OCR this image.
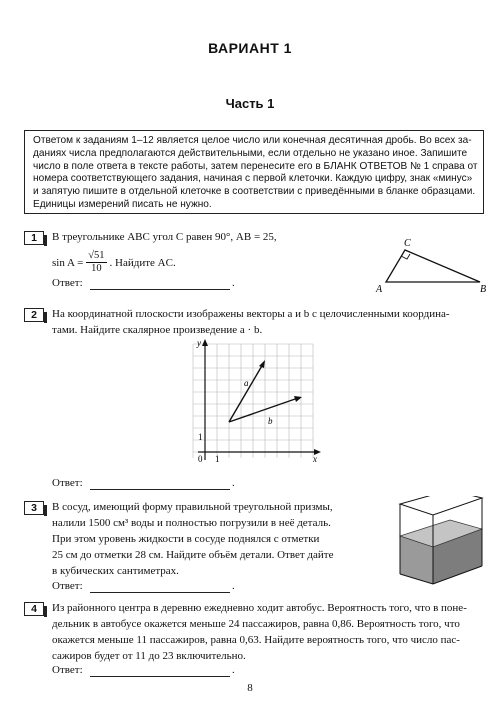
ВАРИАНТ 1
Часть 1
Ответом к заданиям 1–12 является целое число или конечная десятичная дробь. Во всех за-
даниях числа предполагаются действительными, если отдельно не указано иное. Запишите
число в поле ответа в тексте работы, затем перенесите его в БЛАНК ОТВЕТОВ № 1 справа от
номера соответствующего задания, начиная с первой клеточки. Каждую цифру, знак «минус»
и запятую пишите в отдельной клеточке в соответствии с приведёнными в бланке образцами.
Единицы измерений писать не нужно.
1	В треугольнике ABC угол C равен 90°, AB = 25,
$\sin A = \frac{√51}{10}$ . Найдите AC.
Ответ:	.
A	B
C
2	На координатной плоскости изображены векторы a и b с целочисленными координа-
тами. Найдите скалярное произведение a · b.
y
x
0 1
1
a
b
Ответ:	.
3	В сосуд, имеющий форму правильной треугольной призмы,
налили 1500 см³ воды и полностью погрузили в неё деталь.
При этом уровень жидкости в сосуде поднялся с отметки
25 см до отметки 28 см. Найдите объём детали. Ответ дайте
в кубических сантиметрах.
Ответ:	.
4	Из районного центра в деревню ежедневно ходит автобус. Вероятность того, что в поне-
дельник в автобусе окажется меньше 24 пассажиров, равна 0,86. Вероятность того, что
окажется меньше 11 пассажиров, равна 0,63. Найдите вероятность того, что число пас-
сажиров будет от 11 до 23 включительно.
Ответ:	.
8
